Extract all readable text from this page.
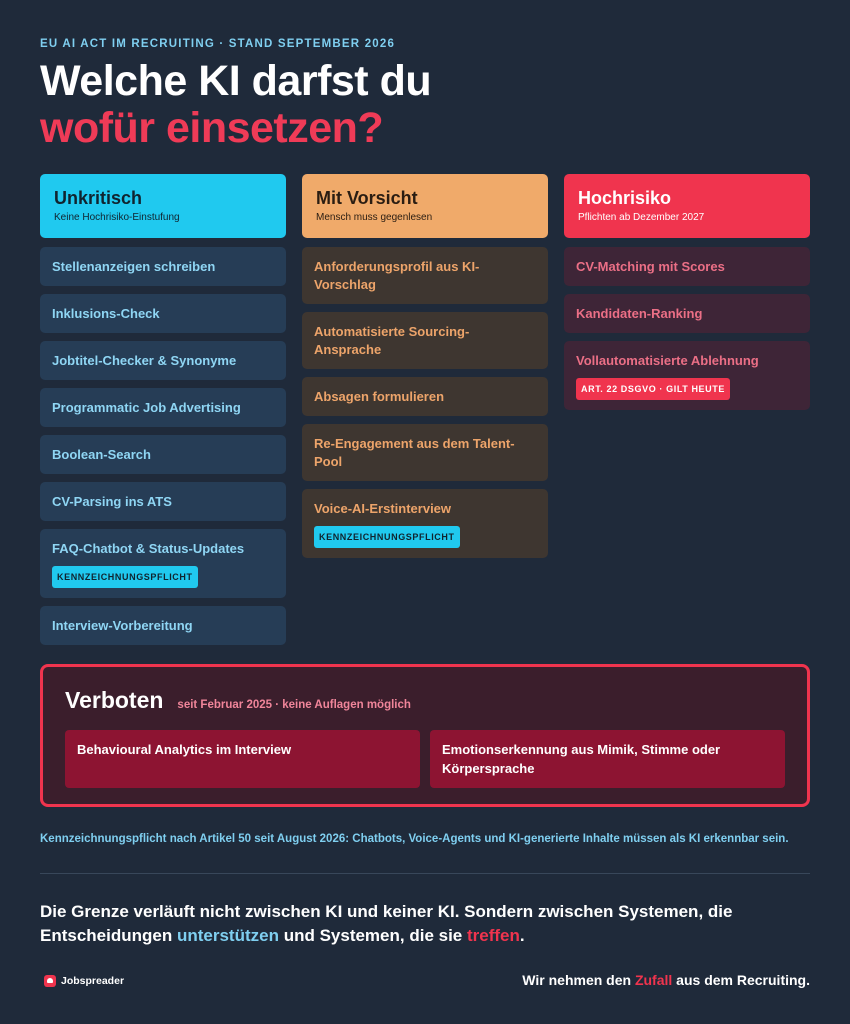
EU AI ACT IM RECRUITING · STAND SEPTEMBER 2026
Welche KI darfst du
wofür einsetzen?
Unkritisch
Keine Hochrisiko-Einstufung
Stellenanzeigen schreiben
Inklusions-Check
Jobtitel-Checker & Synonyme
Programmatic Job Advertising
Boolean-Search
CV-Parsing ins ATS
FAQ-Chatbot & Status-Updates
KENNZEICHNUNGSPFLICHT
Interview-Vorbereitung
Mit Vorsicht
Mensch muss gegenlesen
Anforderungsprofil aus KI-Vorschlag
Automatisierte Sourcing-Ansprache
Absagen formulieren
Re-Engagement aus dem Talent-Pool
Voice-AI-Erstinterview
KENNZEICHNUNGSPFLICHT
Hochrisiko
Pflichten ab Dezember 2027
CV-Matching mit Scores
Kandidaten-Ranking
Vollautomatisierte Ablehnung
ART. 22 DSGVO · GILT HEUTE
Verboten seit Februar 2025 · keine Auflagen möglich
Behavioural Analytics im Interview	Emotionserkennung aus Mimik, Stimme oder Körpersprache
Kennzeichnungspflicht nach Artikel 50 seit August 2026: Chatbots, Voice-Agents und KI-generierte Inhalte müssen als KI erkennbar sein.

Die Grenze verläuft nicht zwischen KI und keiner KI. Sondern zwischen Systemen, die Entscheidungen unterstützen und Systemen, die sie treffen.

Jobspreader	Wir nehmen den Zufall aus dem Recruiting.
